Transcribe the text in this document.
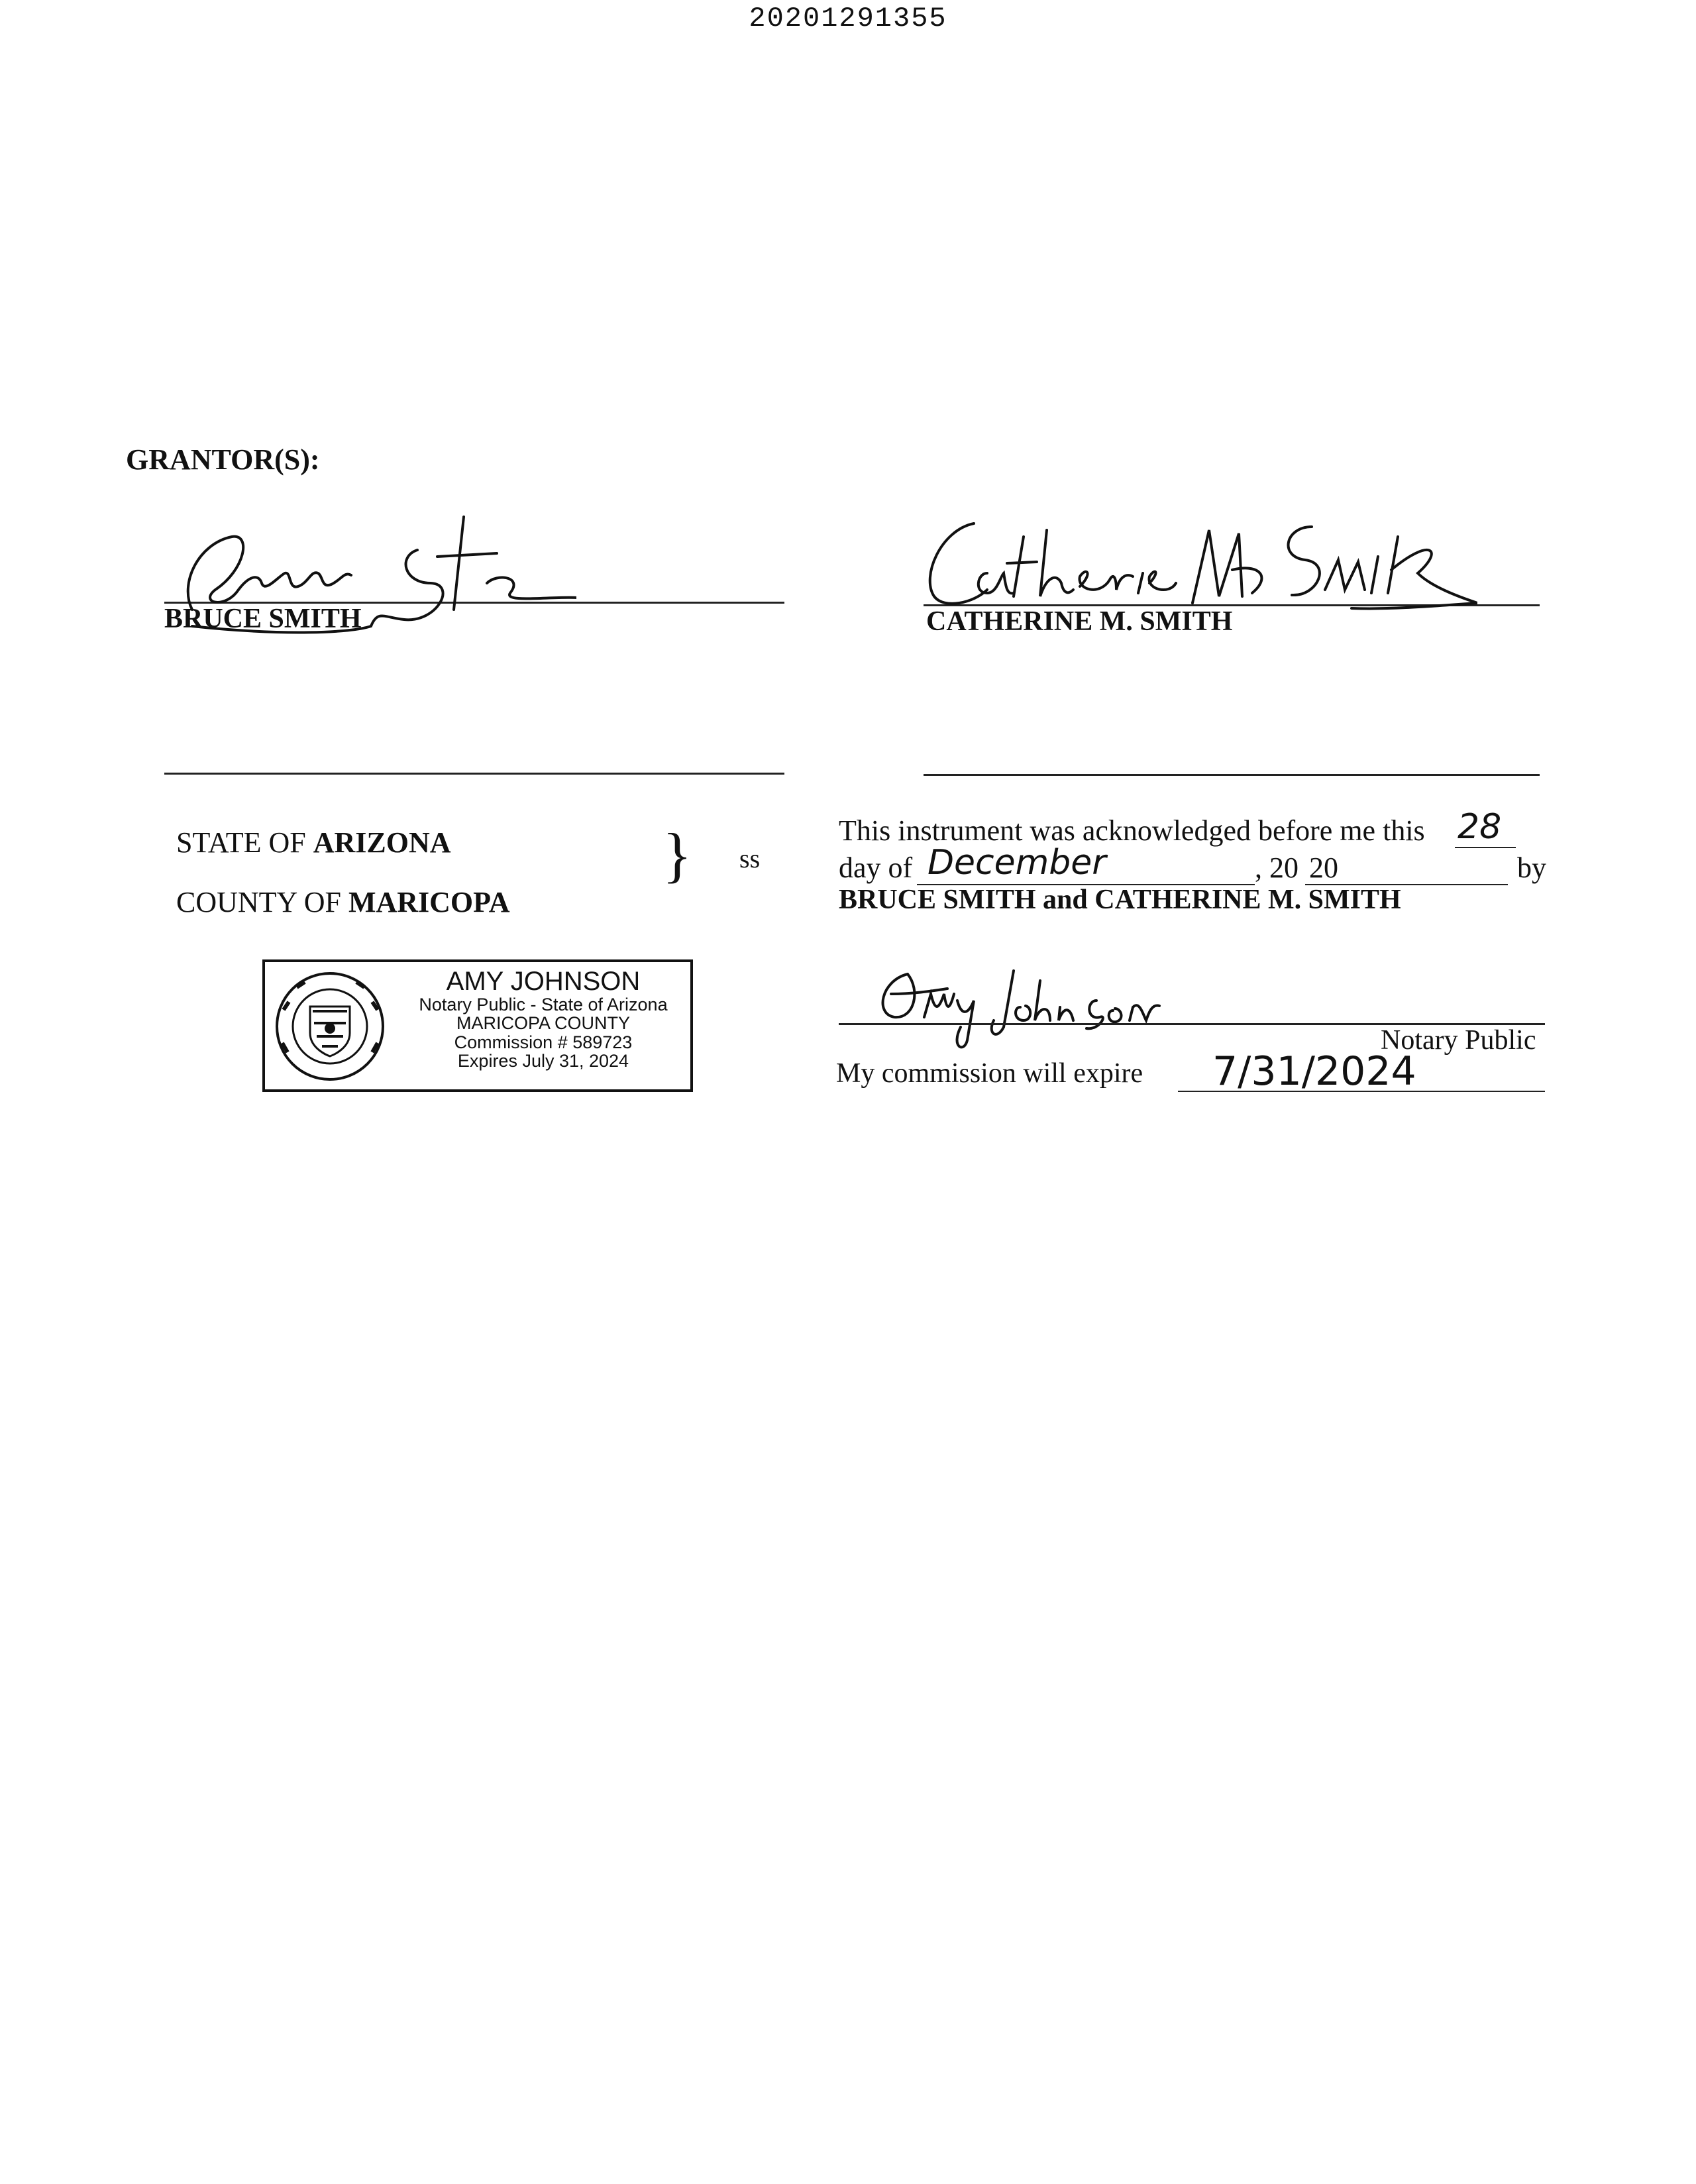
20201291355
GRANTOR(S):
BRUCE SMITH	CATHERINE M. SMITH
STATE OF ARIZONA
COUNTY OF MARICOPA
} ss
This instrument was acknowledged before me this 28
day of December	, 20 20	by
BRUCE SMITH and CATHERINE M. SMITH
Notary Public
My commission will expire 7/31/2024
AMY JOHNSON
Notary Public - State of Arizona
MARICOPA COUNTY
Commission # 589723
Expires July 31, 2024
